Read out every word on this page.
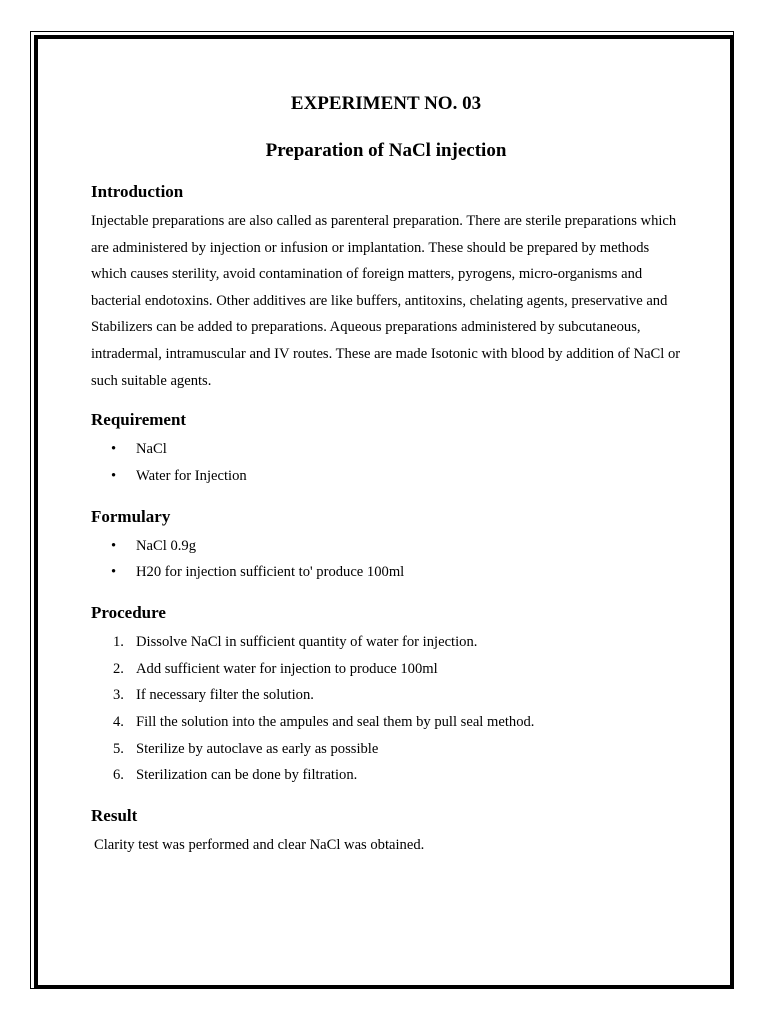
EXPERIMENT NO. 03
Preparation of NaCl injection
Introduction

Injectable preparations are also called as parenteral preparation. There are sterile preparations which are administered by injection or infusion or implantation. These should be prepared by methods which causes sterility, avoid contamination of foreign matters, pyrogens, micro-organisms and bacterial endotoxins. Other additives are like buffers, antitoxins, chelating agents, preservative and Stabilizers can be added to preparations. Aqueous preparations administered by subcutaneous, intradermal, intramuscular and IV routes. These are made Isotonic with blood by addition of NaCl or such suitable agents.

Requirement
• NaCl
• Water for Injection
Formulary
• NaCl 0.9g
• H20 for injection sufficient to' produce 100ml
Procedure
1. Dissolve NaCl in sufficient quantity of water for injection.
2. Add sufficient water for injection to produce 100ml
3. If necessary filter the solution.
4. Fill the solution into the ampules and seal them by pull seal method.
5. Sterilize by autoclave as early as possible
6. Sterilization can be done by filtration.
Result

Clarity test was performed and clear NaCl was obtained.
